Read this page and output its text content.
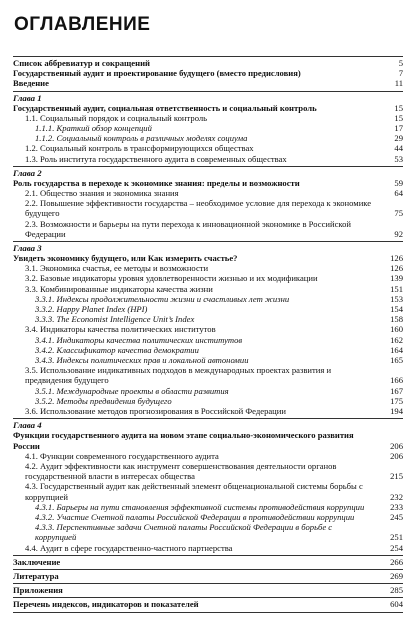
ОГЛАВЛЕНИЕ
Список аббревиатур и сокращений	5
Государственный аудит и проектирование будущего (вместо предисловия)	7
Введение	11
Глава 1
Государственный аудит, социальная ответственность и социальный контроль	15
1.1. Социальный порядок и социальный контроль	15
1.1.1. Краткий обзор концепций	17
1.1.2. Социальный контроль в различных моделях социума	29
1.2. Социальный контроль в трансформирующихся обществах	44
1.3. Роль института государственного аудита в современных обществах	53
Глава 2
Роль государства в переходе к экономике знания: пределы и возможности	59
2.1. Общество знания и экономика знания	64
2.2. Повышение эффективности государства – необходимое условие для перехода к экономике будущего	75
2.3. Возможности и барьеры на пути перехода к инновационной экономике в Российской Федерации	92
Глава 3
Увидеть экономику будущего, или Как измерить счастье?	126
3.1. Экономика счастья, ее методы и возможности	126
3.2. Базовые индикаторы уровня удовлетворенности жизнью и их модификации	139
3.3. Комбинированные индикаторы качества жизни	151
3.3.1. Индексы продолжительности жизни и счастливых лет жизни	153
3.3.2. Happy Planet Index (HPI)	154
3.3.3. The Economist Intelligence Unit’s Index	158
3.4. Индикаторы качества политических институтов	160
3.4.1. Индикаторы качества политических институтов	162
3.4.2. Классификатор качества демократии	164
3.4.3. Индексы политических прав и локальной автономии	165
3.5. Использование индикативных подходов в международных проектах развития и предвидения будущего	166
3.5.1. Международные проекты в области развития	167
3.5.2. Методы предвидения будущего	175
3.6. Использование методов прогнозирования в Российской Федерации	194
Глава 4
Функции государственного аудита на новом этапе социально-экономического развития России	206
4.1. Функции современного государственного аудита	206
4.2. Аудит эффективности как инструмент совершенствования деятельности органов государственной власти в интересах общества	215
4.3. Государственный аудит как действенный элемент общенациональной системы борьбы с коррупцией	232
4.3.1. Барьеры на пути становления эффективной системы противодействия коррупции	233
4.3.2. Участие Счетной палаты Российской Федерации в противодействии коррупции	245
4.3.3. Перспективные задачи Счетной палаты Российской Федерации в борьбе с коррупцией	251
4.4. Аудит в сфере государственно-частного партнерства	254
Заключение	266
Литература	269
Приложения	285
Перечень индексов, индикаторов и показателей	604
